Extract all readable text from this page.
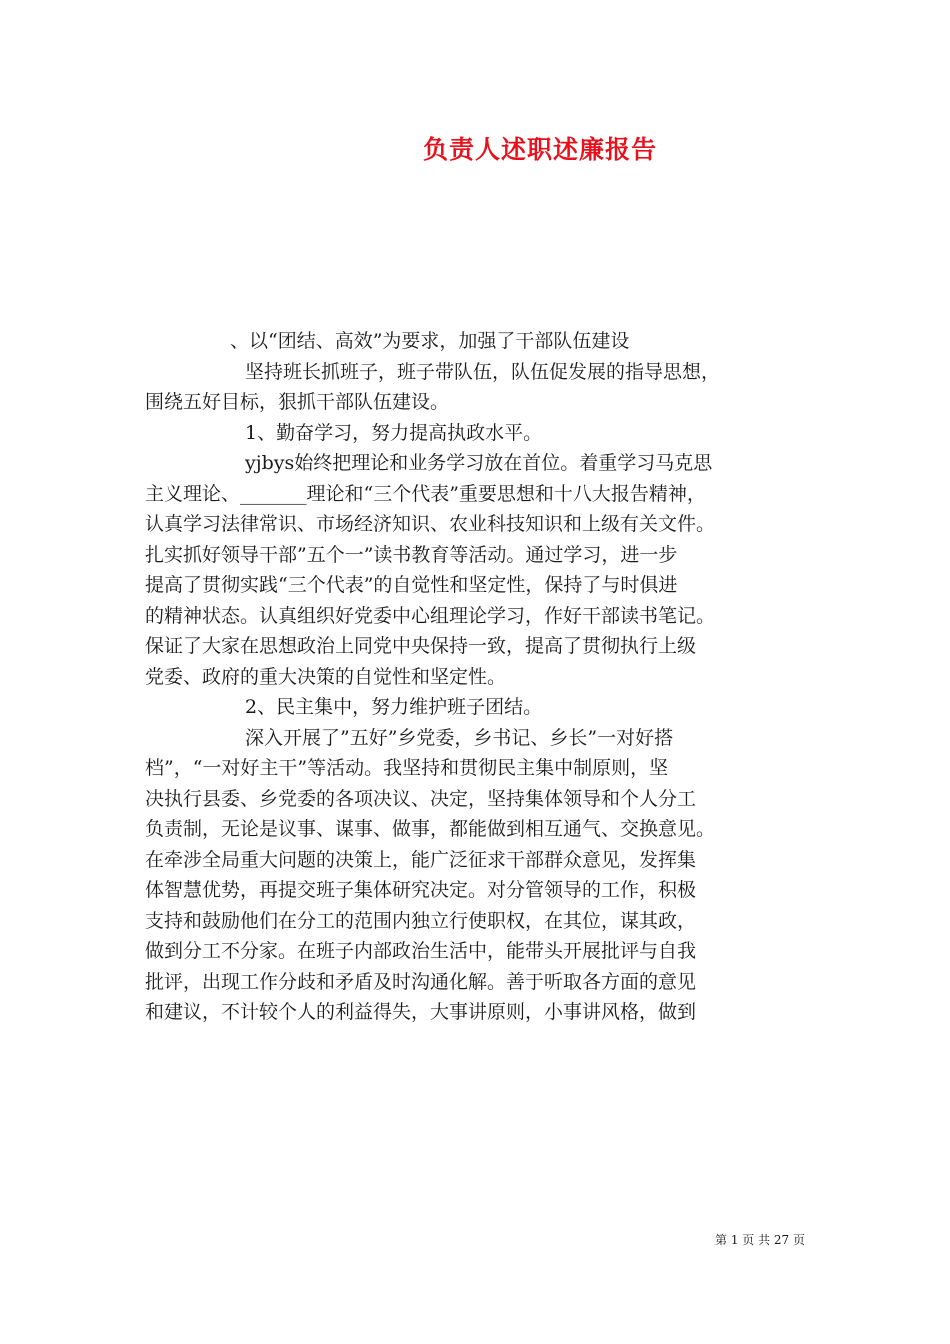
负责人述职述廉报告
、以“团结、高效”为要求，加强了干部队伍建设
坚持班长抓班子，班子带队伍，队伍促发展的指导思想，
围绕五好目标，狠抓干部队伍建设。
1、勤奋学习，努力提高执政水平。
yjbys始终把理论和业务学习放在首位。着重学习马克思
主义理论、_______理论和“三个代表”重要思想和十八大报告精神，
认真学习法律常识、市场经济知识、农业科技知识和上级有关文件。
扎实抓好领导干部”五个一”读书教育等活动。通过学习，进一步
提高了贯彻实践“三个代表”的自觉性和坚定性，保持了与时俱进
的精神状态。认真组织好党委中心组理论学习，作好干部读书笔记。
保证了大家在思想政治上同党中央保持一致，提高了贯彻执行上级
党委、政府的重大决策的自觉性和坚定性。
2、民主集中，努力维护班子团结。
深入开展了”五好”乡党委，乡书记、乡长”一对好搭
档”，“一对好主干”等活动。我坚持和贯彻民主集中制原则，坚
决执行县委、乡党委的各项决议、决定，坚持集体领导和个人分工
负责制，无论是议事、谋事、做事，都能做到相互通气、交换意见。
在牵涉全局重大问题的决策上，能广泛征求干部群众意见，发挥集
体智慧优势，再提交班子集体研究决定。对分管领导的工作，积极
支持和鼓励他们在分工的范围内独立行使职权，在其位，谋其政，
做到分工不分家。在班子内部政治生活中，能带头开展批评与自我
批评，出现工作分歧和矛盾及时沟通化解。善于听取各方面的意见
和建议，不计较个人的利益得失，大事讲原则，小事讲风格，做到
第 1 页 共 27 页
